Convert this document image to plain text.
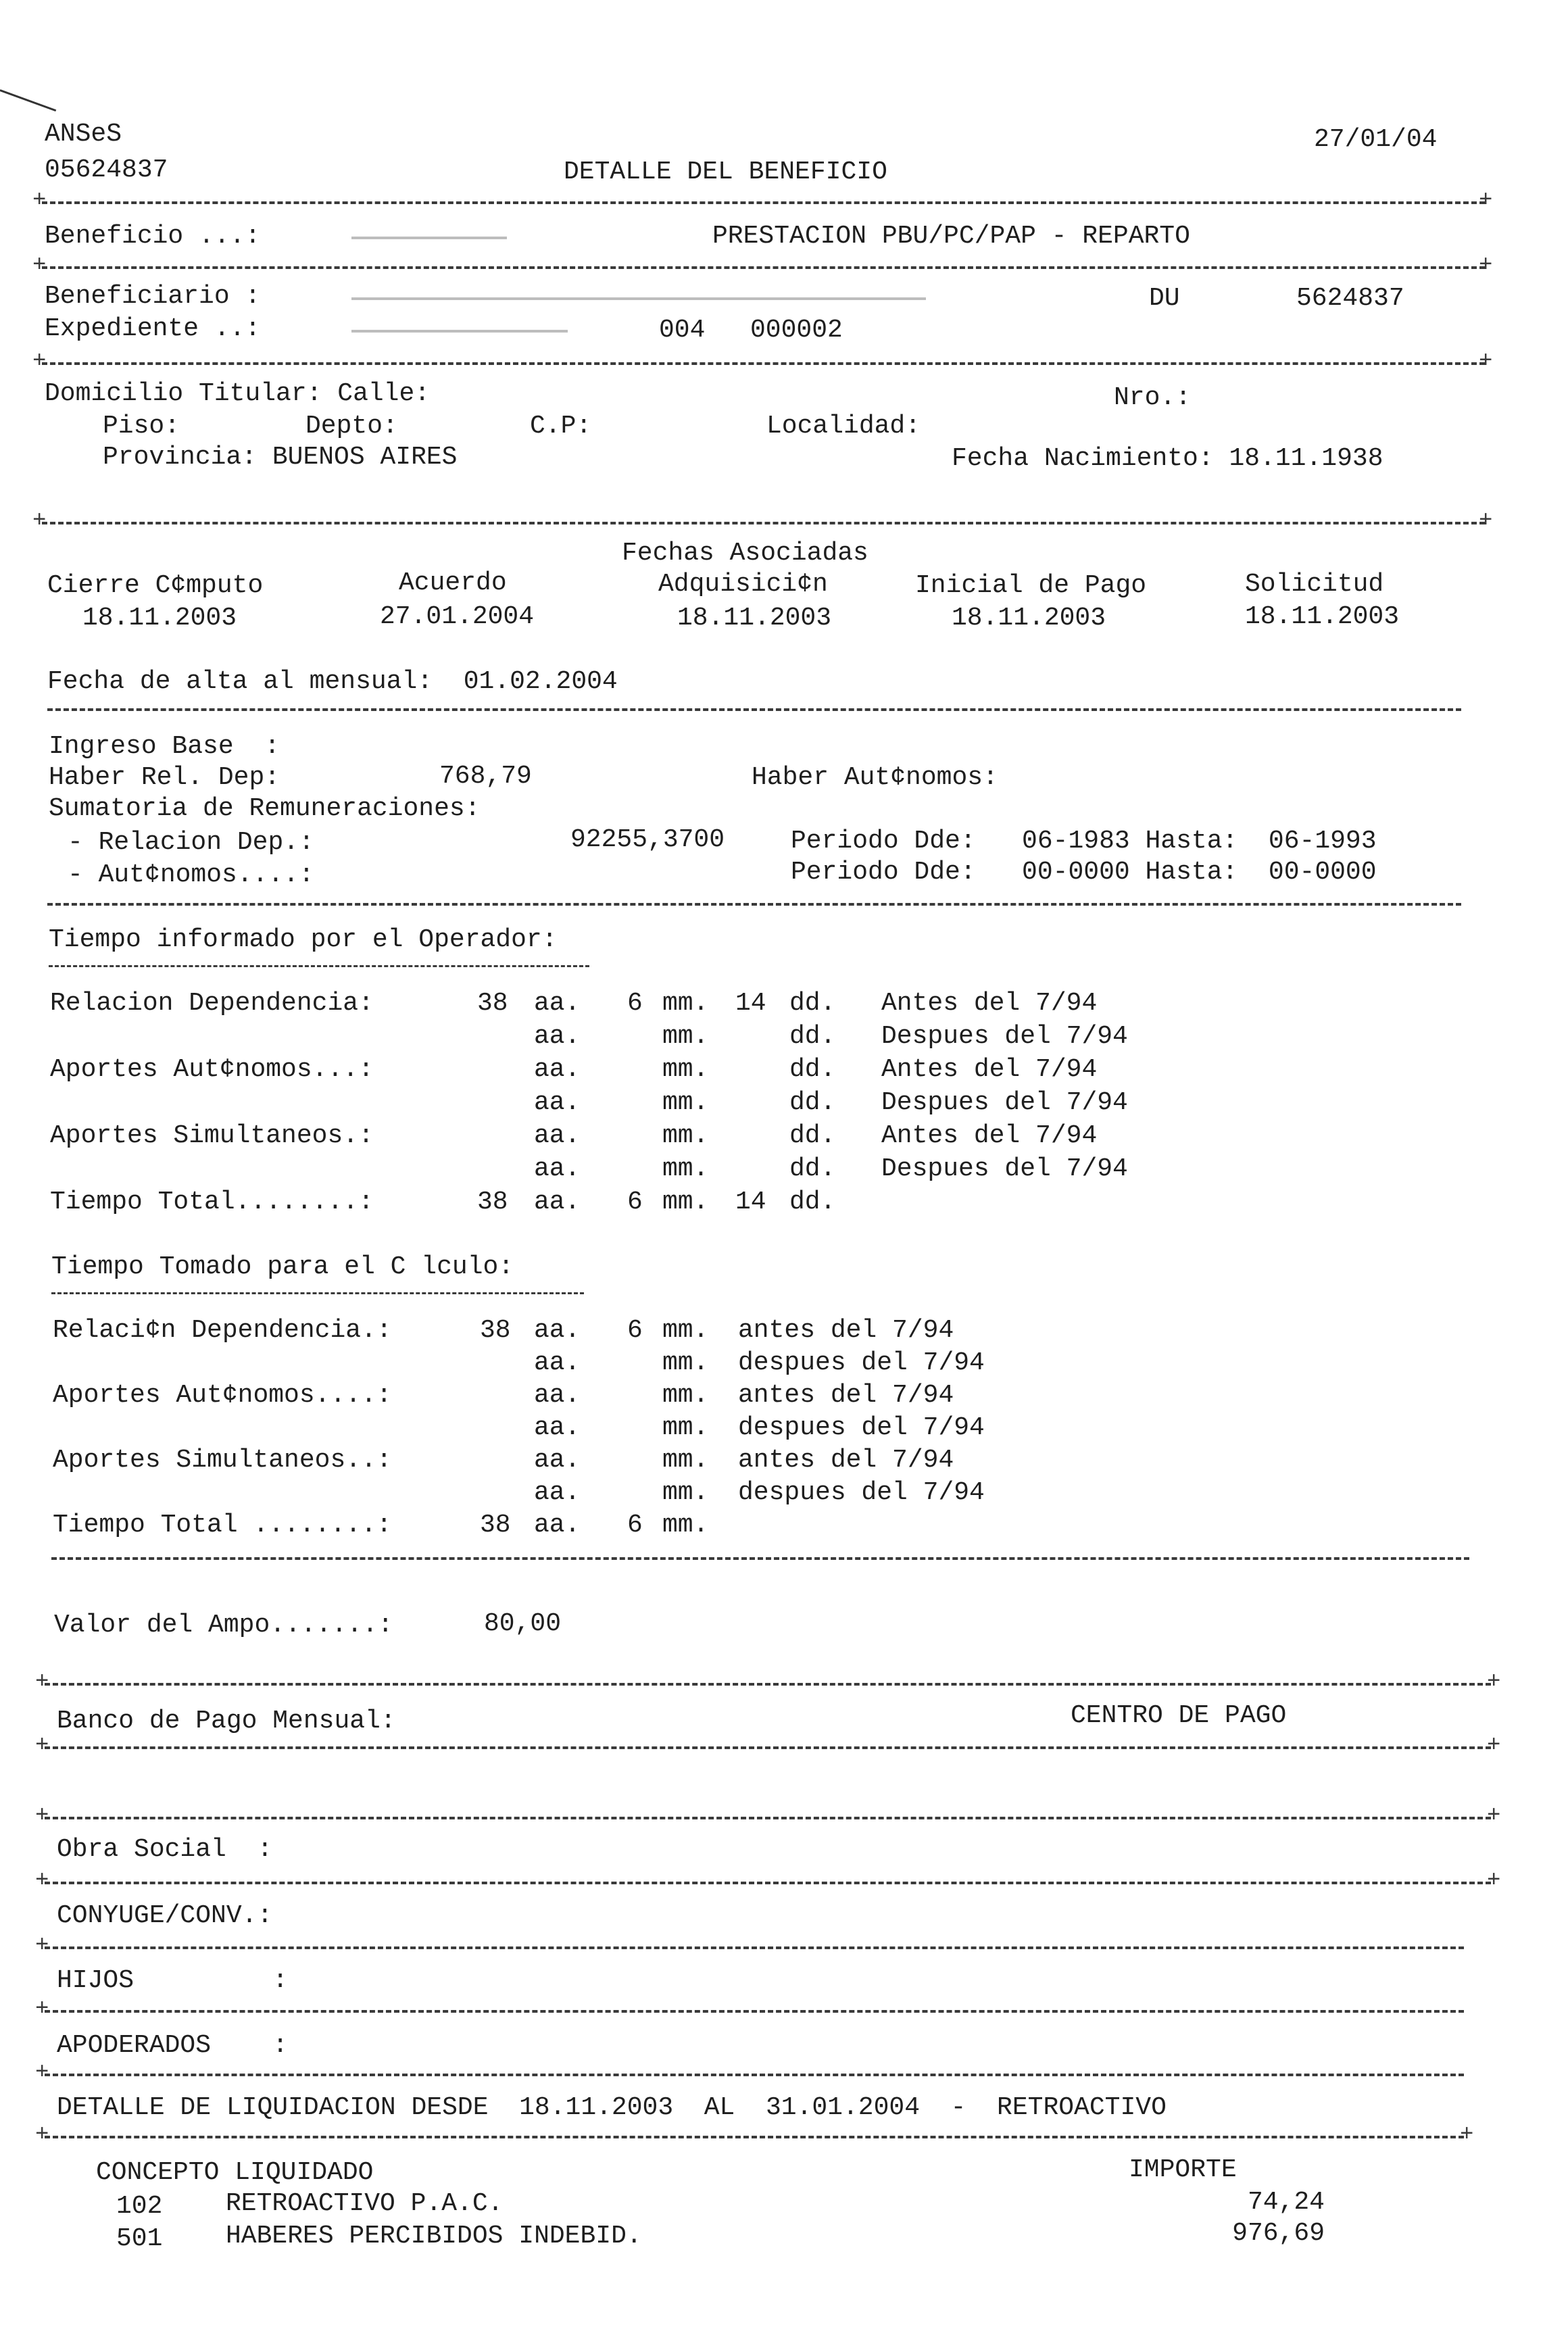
ANSeS	27/01/04
05624837	DETALLE DEL BENEFICIO
+	+
Beneficio ...:	PRESTACION PBU/PC/PAP - REPARTO
+	+
Beneficiario :	DU	5624837
Expediente ..:	004 000002
+	+
Domicilio Titular: Calle:	Nro.:
Piso:	Depto:	C.P:	Localidad:
Provincia: BUENOS AIRES	Fecha Nacimiento: 18.11.1938
+	+
Fechas Asociadas
Cierre C¢mputo	Acuerdo	Adquisici¢n	Inicial de Pago	Solicitud
18.11.2003	27.01.2004	18.11.2003	18.11.2003	18.11.2003
Fecha de alta al mensual:  01.02.2004
Ingreso Base  :
Haber Rel. Dep:	768,79	Haber Aut¢nomos:
Sumatoria de Remuneraciones:
- Relacion Dep.:	92255,3700	Periodo Dde:   06-1983 Hasta:  06-1993
- Aut¢nomos....:	Periodo Dde:   00-0000 Hasta:  00-0000
Tiempo informado por el Operador:
Relacion Dependencia:	38 aa. 6 mm. 14 dd. Antes del 7/94
aa.	mm.	dd. Despues del 7/94
Aportes Aut¢nomos...:	aa.	mm.	dd. Antes del 7/94
aa.	mm.	dd. Despues del 7/94
Aportes Simultaneos.:	aa.	mm.	dd. Antes del 7/94
aa.	mm.	dd. Despues del 7/94
Tiempo Total........:	38 aa. 6 mm. 14 dd.
Tiempo Tomado para el C lculo:
Relaci¢n Dependencia.:	38 aa. 6 mm. antes del 7/94
aa.	mm. despues del 7/94
Aportes Aut¢nomos....:	aa.	mm. antes del 7/94
aa.	mm. despues del 7/94
Aportes Simultaneos..:	aa.	mm. antes del 7/94
aa.	mm. despues del 7/94
Tiempo Total ........:	38 aa. 6 mm.
Valor del Ampo.......:	80,00
+	+
Banco de Pago Mensual:	CENTRO DE PAGO
+	+
+	+
Obra Social  :
+	+
CONYUGE/CONV.:
+
HIJOS         :
+
APODERADOS    :
+
DETALLE DE LIQUIDACION DESDE  18.11.2003  AL  31.01.2004  -  RETROACTIVO
+	+
CONCEPTO LIQUIDADO	IMPORTE
102 RETROACTIVO P.A.C.	74,24
501 HABERES PERCIBIDOS INDEBID.	976,69
